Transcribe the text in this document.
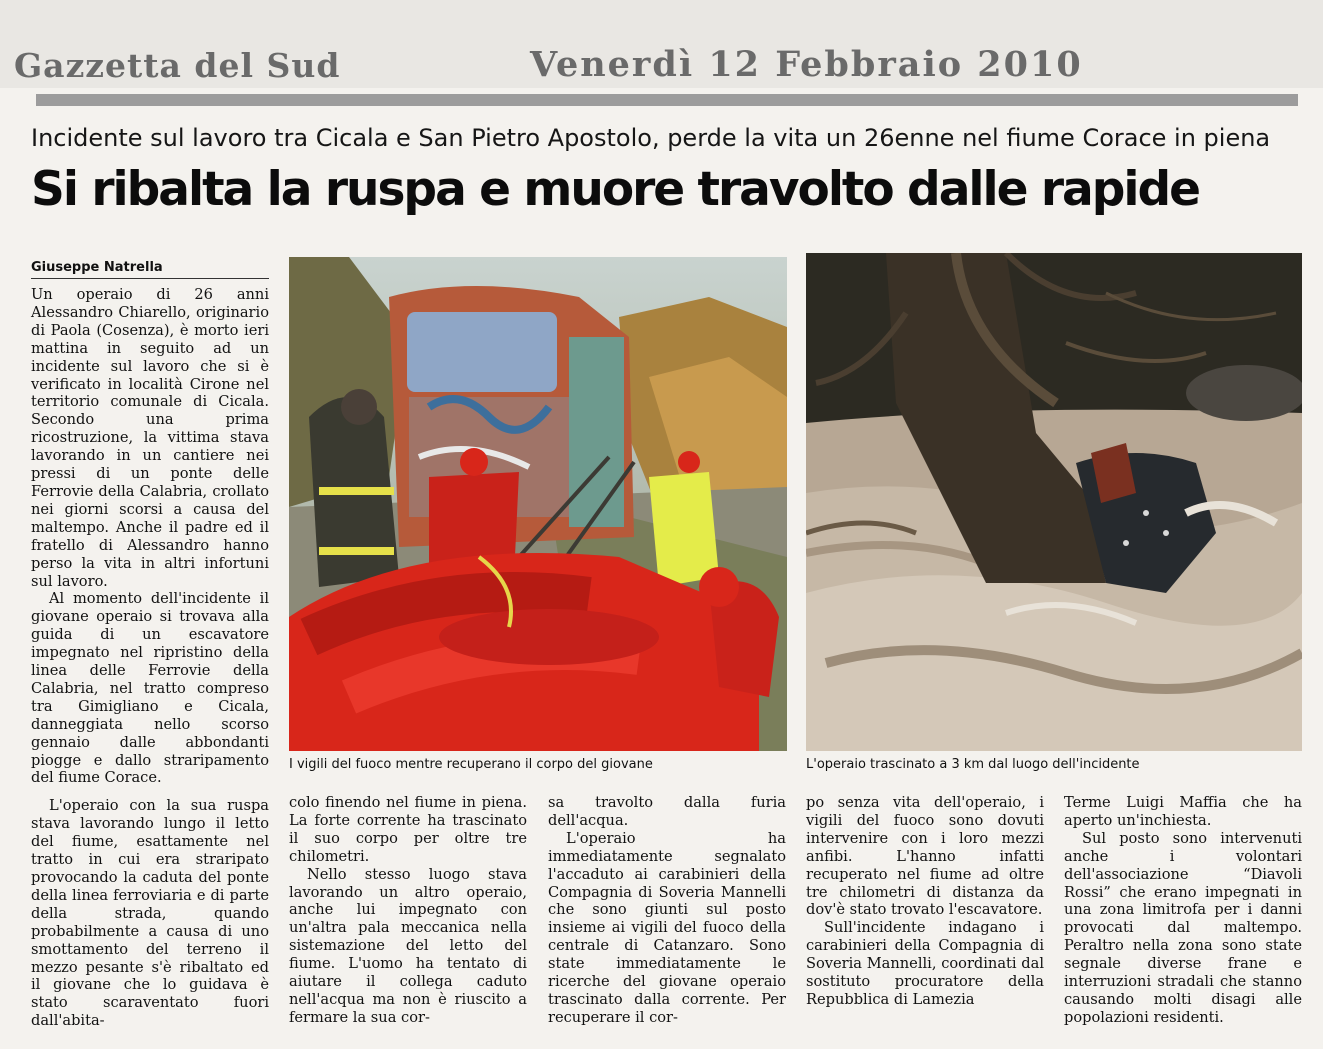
Gazzetta del Sud	Venerdì 12 Febbraio 2010
Incidente sul lavoro tra Cicala e San Pietro Apostolo, perde la vita un 26enne nel fiume Corace in piena
Si ribalta la ruspa e muore travolto dalle rapide
Giuseppe Natrella

Un operaio di 26 anni Alessandro Chiarello, originario di Paola (Cosenza), è morto ieri mattina in seguito ad un incidente sul lavoro che si è verificato in località Cirone nel territorio comunale di Cicala. Secondo una prima ricostruzione, la vittima stava lavorando in un cantiere nei pressi di un ponte delle Ferrovie della Calabria, crollato nei giorni scorsi a causa del maltempo. Anche il padre ed il fratello di Alessandro hanno perso la vita in altri infortuni sul lavoro.

Al momento dell'incidente il giovane operaio si trovava alla guida di un escavatore impegnato nel ripristino della linea delle Ferrovie della Calabria, nel tratto compreso tra Gimigliano e Cicala, danneggiata nello scorso gennaio dalle abbondanti piogge e dallo straripamento del fiume Corace.

L'operaio con la sua ruspa stava lavorando lungo il letto del fiume, esattamente nel tratto in cui era straripato provocando la caduta del ponte della linea ferroviaria e di parte della strada, quando probabilmente a causa di uno smottamento del terreno il mezzo pesante s'è ribaltato ed il giovane che lo guidava è stato scaraventato fuori dall'abita-

I vigili del fuoco mentre recuperano il corpo del giovane	L'operaio trascinato a 3 km dal luogo dell'incidente

colo finendo nel fiume in piena. La forte corrente ha trascinato il suo corpo per oltre tre chilometri.

Nello stesso luogo stava lavorando un altro operaio, anche lui impegnato con un'altra pala meccanica nella sistemazione del letto del fiume. L'uomo ha tentato di aiutare il collega caduto nell'acqua ma non è riuscito a fermare la sua cor-

sa travolto dalla furia dell'acqua.

L'operaio ha immediatamente segnalato l'accaduto ai carabinieri della Compagnia di Soveria Mannelli che sono giunti sul posto insieme ai vigili del fuoco della centrale di Catanzaro. Sono state immediatamente le ricerche del giovane operaio trascinato dalla corrente. Per recuperare il cor-

po senza vita dell'operaio, i vigili del fuoco sono dovuti intervenire con i loro mezzi anfibi. L'hanno infatti recuperato nel fiume ad oltre tre chilometri di distanza da dov'è stato trovato l'escavatore.

Sull'incidente indagano i carabinieri della Compagnia di Soveria Mannelli, coordinati dal sostituto procuratore della Repubblica di Lamezia

Terme Luigi Maffia che ha aperto un'inchiesta.

Sul posto sono intervenuti anche i volontari dell'associazione “Diavoli Rossi” che erano impegnati in una zona limitrofa per i danni provocati dal maltempo. Peraltro nella zona sono state segnale diverse frane e interruzioni stradali che stanno causando molti disagi alle popolazioni residenti.
